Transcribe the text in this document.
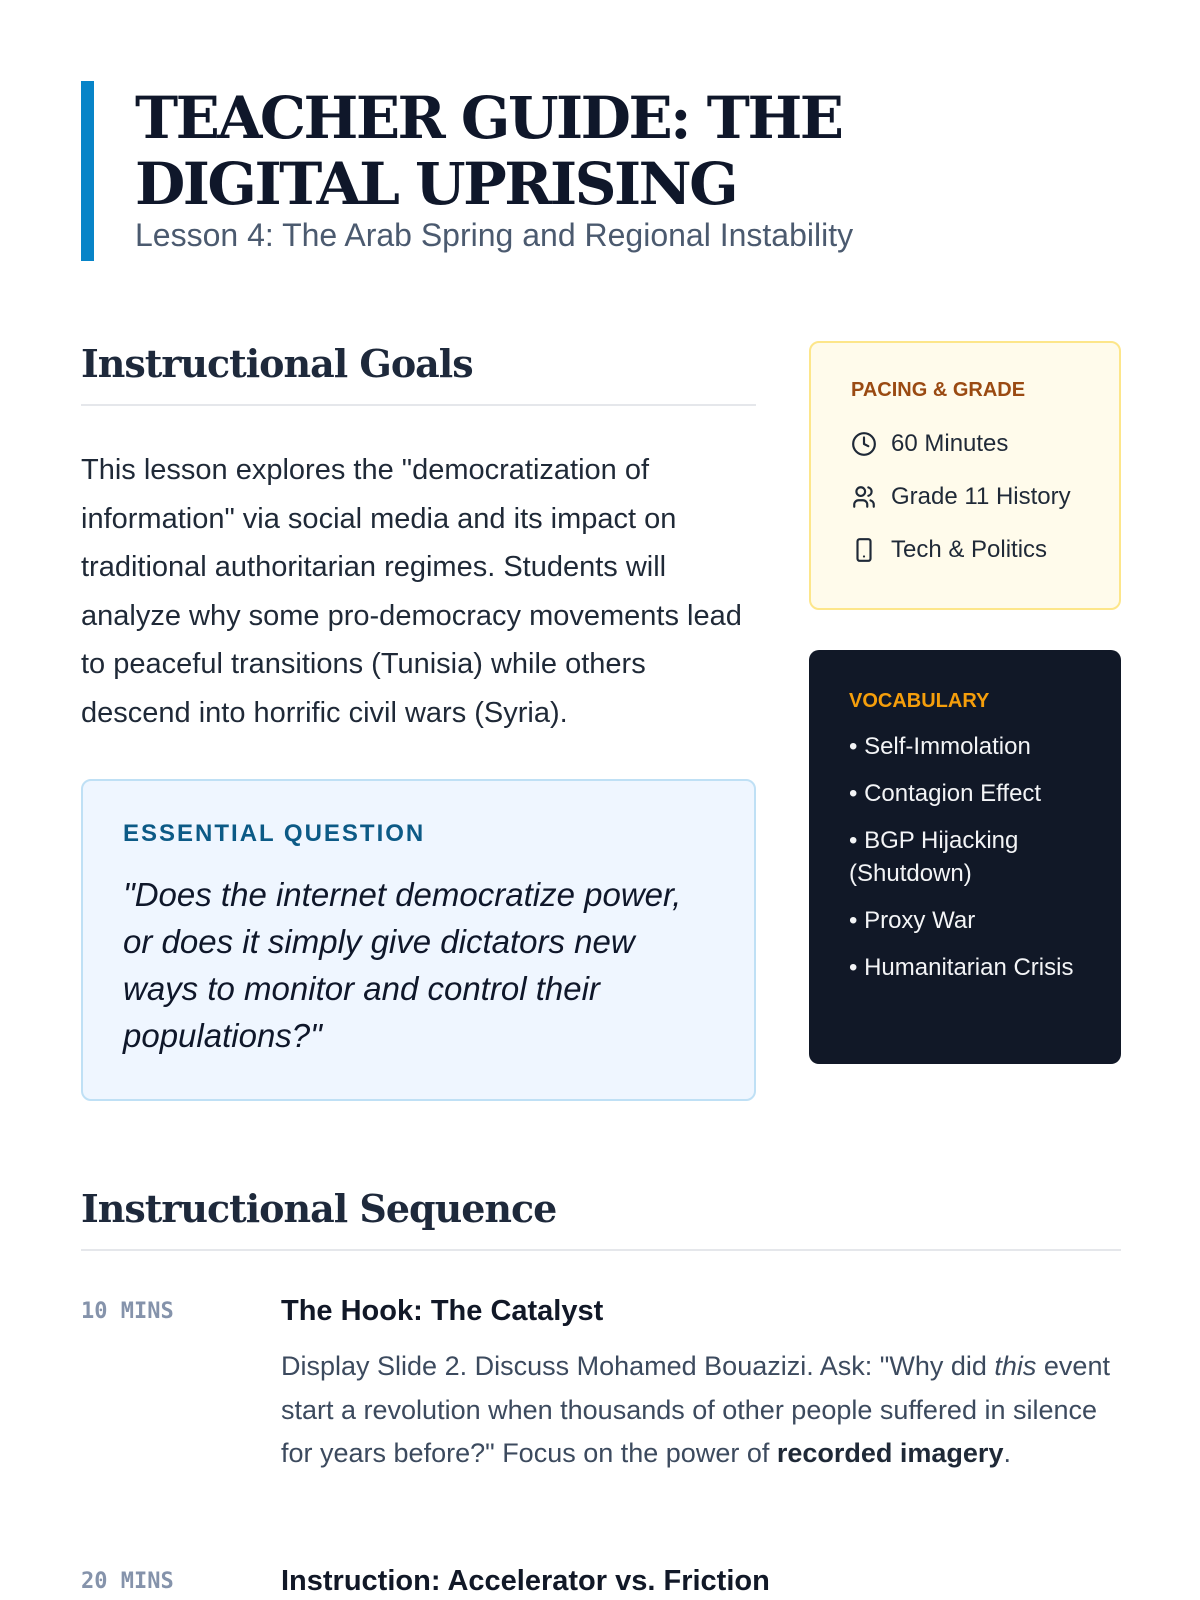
TEACHER GUIDE: THE DIGITAL UPRISING
Lesson 4: The Arab Spring and Regional Instability
Instructional Goals

This lesson explores the "democratization of information" via social media and its impact on traditional authoritarian regimes. Students will analyze why some pro-democracy movements lead to peaceful transitions (Tunisia) while others descend into horrific civil wars (Syria).

ESSENTIAL QUESTION
"Does the internet democratize power, or does it simply give dictators new ways to monitor and control their populations?"
PACING & GRADE
60 Minutes
Grade 11 History
Tech & Politics
VOCABULARY
• Self-Immolation
• Contagion Effect
• BGP Hijacking (Shutdown)
• Proxy War
• Humanitarian Crisis
Instructional Sequence
10 MINS	The Hook: The Catalyst

Display Slide 2. Discuss Mohamed Bouazizi. Ask: "Why did this event start a revolution when thousands of other people suffered in silence for years before?" Focus on the power of recorded imagery.

20 MINS	Instruction: Accelerator vs. Friction
